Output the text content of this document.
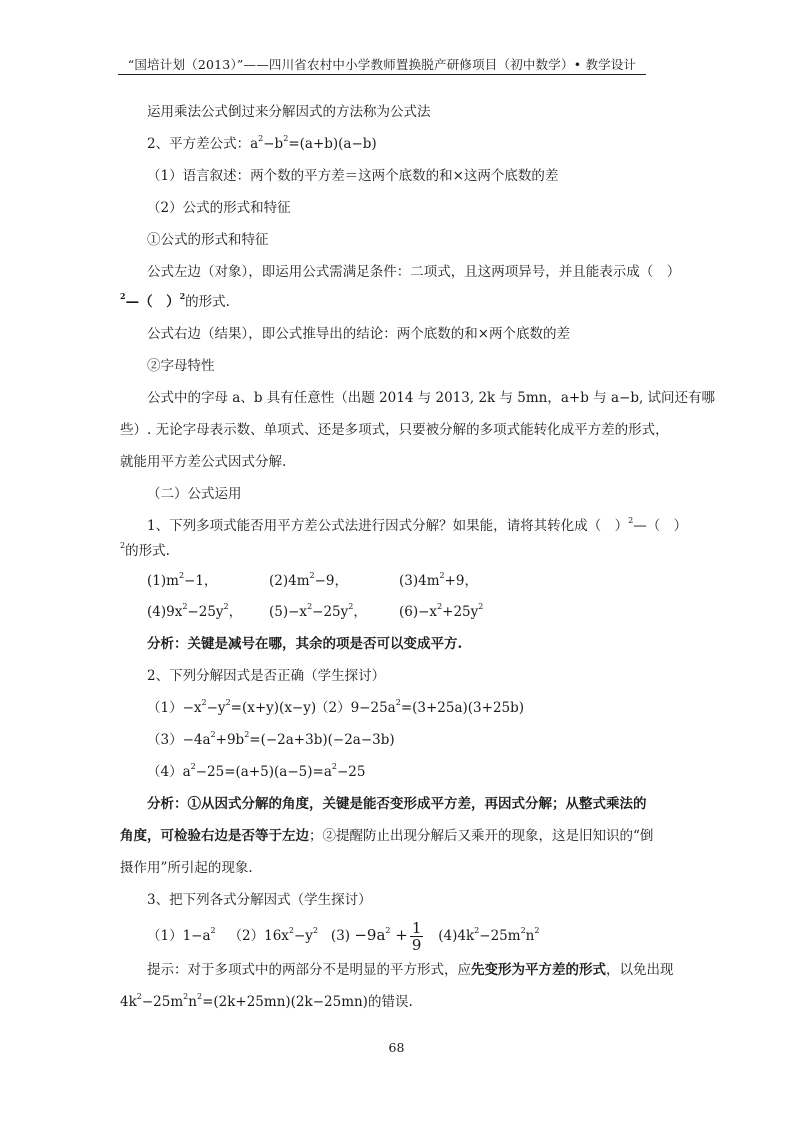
“国培计划（2013）”——四川省农村中小学教师置换脱产研修项目（初中数学）• 教学设计
运用乘法公式倒过来分解因式的方法称为公式法
2、平方差公式：$a^2-b^2=(a+b)(a-b)$
（1）语言叙述：两个数的平方差＝这两个底数的和×这两个底数的差
（2）公式的形式和特征
①公式的形式和特征
公式左边（对象），即运用公式需满足条件：二项式，且这两项异号，并且能表示成（　）
$^2$—（　）$^2$的形式.
公式右边（结果），即公式推导出的结论：两个底数的和×两个底数的差
②字母特性
公式中的字母 a、b 具有任意性（出题 2014 与 2013, 2k 与 5mn，a+b 与 a−b, 试问还有哪
些）. 无论字母表示数、单项式、还是多项式，只要被分解的多项式能转化成平方差的形式，
就能用平方差公式因式分解.
（二）公式运用
1、下列多项式能否用平方差公式法进行因式分解？如果能，请将其转化成（　）$^2$—（　）
$^2$的形式.
$(1)m^2-1$，	$(2)4m^2-9$，	$(3)4m^2+9$，
$(4)9x^2-25y^2$， $(5)-x^2-25y^2$， $(6)-x^2+25y^2$
分析：关键是减号在哪，其余的项是否可以变成平方.
2、下列分解因式是否正确（学生探讨）
$(1)-x^2-y^2=(x+y)(x-y)(2)9-25a^2=(3+25a)(3+25b)$
$(3)-4a^2+9b^2=(-2a+3b)(-2a-3b)$
$(4)a^2-25=(a+5)(a-5)=a^2-25$
分析：①从因式分解的角度，关键是能否变形成平方差，再因式分解；从整式乘法的
角度，可检验右边是否等于左边；②提醒防止出现分解后又乘开的现象，这是旧知识的“倒
摄作用”所引起的现象.
3、把下列各式分解因式（学生探讨）
$(1)1-a^2$ $(2)16x^2-y^2$ $(3) -9a^2 + \frac{1}{9} (4)4k^2-25m^2n^2$
提示：对于多项式中的两部分不是明显的平方形式，应先变形为平方差的形式，以免出现
$4k^2-25m^2n^2=(2k+25mn)(2k-25mn)$的错误.
68
